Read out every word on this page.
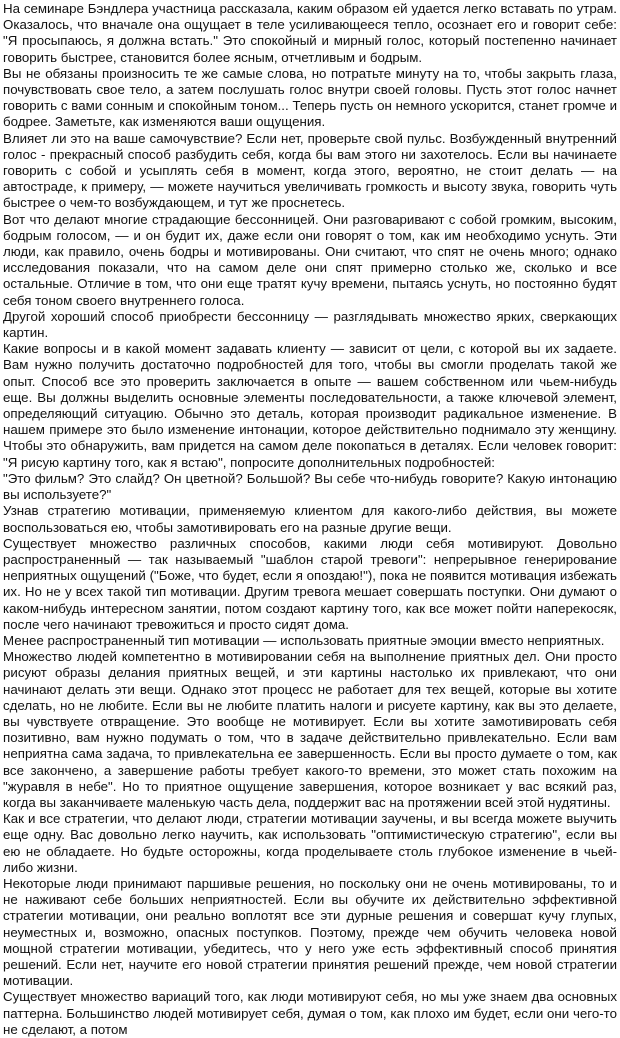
На семинаре Бэндлера участница рассказала, каким образом ей удается легко вставать по утрам. Оказалось, что вначале она ощущает в теле усиливающееся тепло, осознает его и говорит себе: "Я просыпаюсь, я должна встать." Это спокойный и мирный голос, который постепенно начинает говорить быстрее, становится более ясным, отчетливым и бодрым.

Вы не обязаны произносить те же самые слова, но потратьте минуту на то, чтобы закрыть глаза, почувствовать свое тело, а затем послушать голос внутри своей головы. Пусть этот голос начнет говорить с вами сонным и спокойным тоном... Теперь пусть он немного ускорится, станет громче и бодрее. Заметьте, как изменяются ваши ощущения.

Влияет ли это на ваше самочувствие? Если нет, проверьте свой пульс. Возбужденный внутренний голос - прекрасный способ разбудить себя, когда бы вам этого ни захотелось. Если вы начинаете говорить с собой и усыплять себя в момент, когда этого, вероятно, не стоит делать — на автостраде, к примеру, — можете научиться увеличивать громкость и высоту звука, говорить чуть быстрее о чем-то возбуждающем, и тут же проснетесь.

Вот что делают многие страдающие бессонницей. Они разговаривают с собой громким, высоким, бодрым голосом, — и он будит их, даже если они говорят о том, как им необходимо уснуть. Эти люди, как правило, очень бодры и мотивированы. Они считают, что спят не очень много; однако исследования показали, что на самом деле они спят примерно столько же, сколько и все остальные. Отличие в том, что они еще тратят кучу времени, пытаясь уснуть, но постоянно будят себя тоном своего внутреннего голоса.

Другой хороший способ приобрести бессонницу — разглядывать множество ярких, сверкающих картин.

Какие вопросы и в какой момент задавать клиенту — зависит от цели, с которой вы их задаете. Вам нужно получить достаточно подробностей для того, чтобы вы смогли проделать такой же опыт. Способ все это проверить заключается в опыте — вашем собственном или чьем-нибудь еще. Вы должны выделить основные элементы последовательности, а также ключевой элемент, определяющий ситуацию. Обычно это деталь, которая производит радикальное изменение. В нашем примере это было изменение интонации, которое действительно поднимало эту женщину. Чтобы это обнаружить, вам придется на самом деле покопаться в деталях. Если человек говорит: "Я рисую картину того, как я встаю", попросите дополнительных подробностей:

"Это фильм? Это слайд? Он цветной? Большой? Вы себе что-нибудь говорите? Какую интонацию вы используете?"

Узнав стратегию мотивации, применяемую клиентом для какого-либо действия, вы можете воспользоваться ею, чтобы замотивировать его на разные другие вещи.

Существует множество различных способов, какими люди себя мотивируют. Довольно распространенный — так называемый "шаблон старой тревоги": непрерывное генерирование неприятных ощущений ("Боже, что будет, если я опоздаю!"), пока не появится мотивация избежать их. Но не у всех такой тип мотивации. Другим тревога мешает совершать поступки. Они думают о каком-нибудь интересном занятии, потом создают картину того, как все может пойти наперекосяк, после чего начинают тревожиться и просто сидят дома.

Менее распространенный тип мотивации — использовать приятные эмоции вместо неприятных.

Множество людей компетентно в мотивировании себя на выполнение приятных дел. Они просто рисуют образы делания приятных вещей, и эти картины настолько их привлекают, что они начинают делать эти вещи. Однако этот процесс не работает для тех вещей, которые вы хотите сделать, но не любите. Если вы не любите платить налоги и рисуете картину, как вы это делаете, вы чувствуете отвращение. Это вообще не мотивирует. Если вы хотите замотивировать себя позитивно, вам нужно подумать о том, что в задаче действительно привлекательно. Если вам неприятна сама задача, то привлекательна ее завершенность. Если вы просто думаете о том, как все закончено, а завершение работы требует какого-то времени, это может стать похожим на "журавля в небе". Но то приятное ощущение завершения, которое возникает у вас всякий раз, когда вы заканчиваете маленькую часть дела, поддержит вас на протяжении всей этой нудятины.

Как и все стратегии, что делают люди, стратегии мотивации заучены, и вы всегда можете выучить еще одну. Вас довольно легко научить, как использовать "оптимистическую стратегию", если вы ею не обладаете. Но будьте осторожны, когда проделываете столь глубокое изменение в чьей-либо жизни.

Некоторые люди принимают паршивые решения, но поскольку они не очень мотивированы, то и не наживают себе больших неприятностей. Если вы обучите их действительно эффективной стратегии мотивации, они реально воплотят все эти дурные решения и совершат кучу глупых, неуместных и, возможно, опасных поступков. Поэтому, прежде чем обучить человека новой мощной стратегии мотивации, убедитесь, что у него уже есть эффективный способ принятия решений. Если нет, научите его новой стратегии принятия решений прежде, чем новой стратегии мотивации.

Существует множество вариаций того, как люди мотивируют себя, но мы уже знаем два основных паттерна. Большинство людей мотивирует себя, думая о том, как плохо им будет, если они чего-то не сделают, а потом
